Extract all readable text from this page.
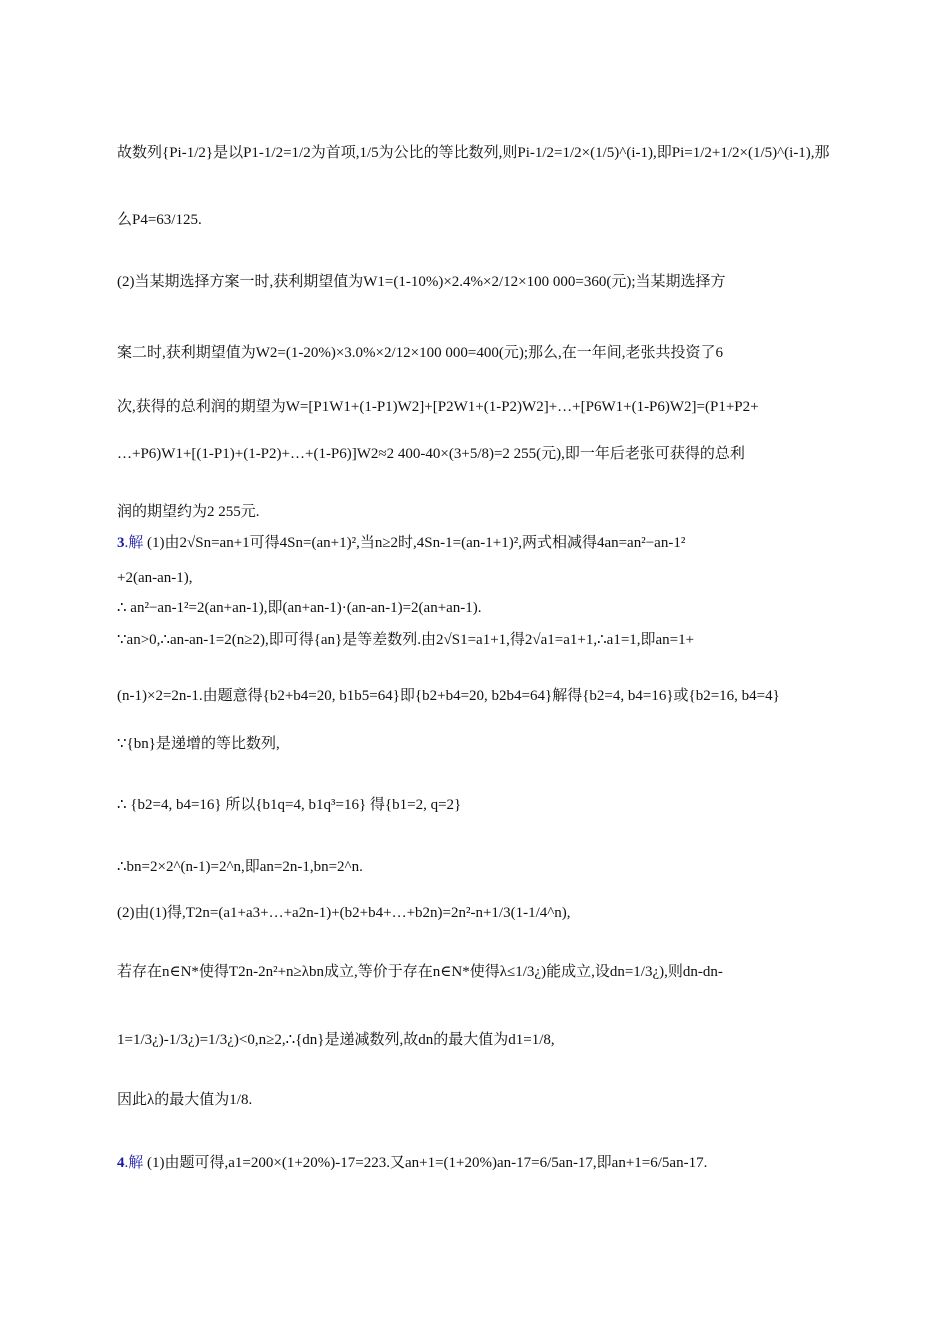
故数列{Pi-1/2}是以P1-1/2=1/2为首项,1/5为公比的等比数列,则Pi-1/2=1/2×(1/5)^(i-1),即Pi=1/2+1/2×(1/5)^(i-1),那
么P4=63/125.
(2)当某期选择方案一时,获利期望值为W1=(1-10%)×2.4%×2/12×100 000=360(元);当某期选择方
案二时,获利期望值为W2=(1-20%)×3.0%×2/12×100 000=400(元);那么,在一年间,老张共投资了6
次,获得的总利润的期望为W=[P1W1+(1-P1)W2]+[P2W1+(1-P2)W2]+…+[P6W1+(1-P6)W2]=(P1+P2+
…+P6)W1+[(1-P1)+(1-P2)+…+(1-P6)]W2≈2 400-40×(3+5/8)=2 255(元),即一年后老张可获得的总利
润的期望约为2 255元.
3.解 (1)由2√Sn=an+1可得4Sn=(an+1)²,当n≥2时,4Sn-1=(an-1+1)²,两式相减得4an=an²−an-1²
+2(an-an-1),
∴ an²−an-1²=2(an+an-1),即(an+an-1)·(an-an-1)=2(an+an-1).
∵an>0,∴an-an-1=2(n≥2),即可得{an}是等差数列.由2√S1=a1+1,得2√a1=a1+1,∴a1=1,即an=1+
(n-1)×2=2n-1.由题意得{b2+b4=20, b1b5=64}即{b2+b4=20, b2b4=64}解得{b2=4, b4=16}或{b2=16, b4=4}
∵{bn}是递增的等比数列,
∴ {b2=4, b4=16} 所以{b1q=4, b1q³=16} 得{b1=2, q=2}
∴bn=2×2^(n-1)=2^n,即an=2n-1,bn=2^n.
(2)由(1)得,T2n=(a1+a3+…+a2n-1)+(b2+b4+…+b2n)=2n²-n+1/3(1-1/4^n),
若存在n∈N*使得T2n-2n²+n≥λbn成立,等价于存在n∈N*使得λ≤1/3¿)能成立,设dn=1/3¿),则dn-dn-
1=1/3¿)-1/3¿)=1/3¿)<0,n≥2,∴{dn}是递减数列,故dn的最大值为d1=1/8,
因此λ的最大值为1/8.
4.解 (1)由题可得,a1=200×(1+20%)-17=223.又an+1=(1+20%)an-17=6/5an-17,即an+1=6/5an-17.
